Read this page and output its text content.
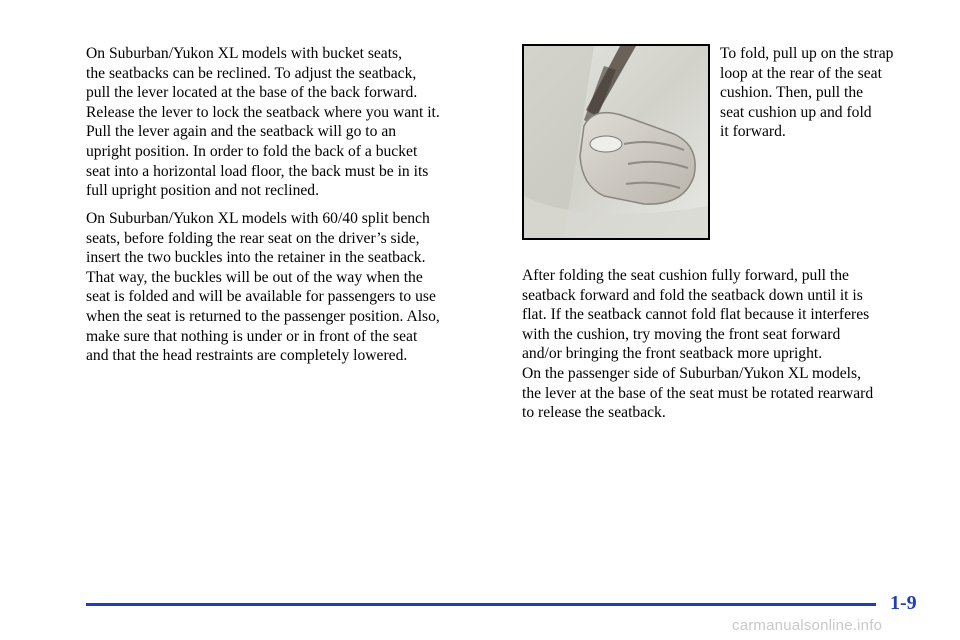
On Suburban/Yukon XL models with bucket seats,
the seatbacks can be reclined. To adjust the seatback,
pull the lever located at the base of the back forward.
Release the lever to lock the seatback where you want it.
Pull the lever again and the seatback will go to an
upright position. In order to fold the back of a bucket
seat into a horizontal load floor, the back must be in its
full upright position and not reclined.
On Suburban/Yukon XL models with 60/40 split bench
seats, before folding the rear seat on the driver’s side,
insert the two buckles into the retainer in the seatback.
That way, the buckles will be out of the way when the
seat is folded and will be available for passengers to use
when the seat is returned to the passenger position. Also,
make sure that nothing is under or in front of the seat
and that the head restraints are completely lowered.
To fold, pull up on the strap
loop at the rear of the seat
cushion. Then, pull the
seat cushion up and fold
it forward.
After folding the seat cushion fully forward, pull the
seatback forward and fold the seatback down until it is
flat. If the seatback cannot fold flat because it interferes
with the cushion, try moving the front seat forward
and/or bringing the front seatback more upright.
On the passenger side of Suburban/Yukon XL models,
the lever at the base of the seat must be rotated rearward
to release the seatback.
1-9
carmanualsonline.info
